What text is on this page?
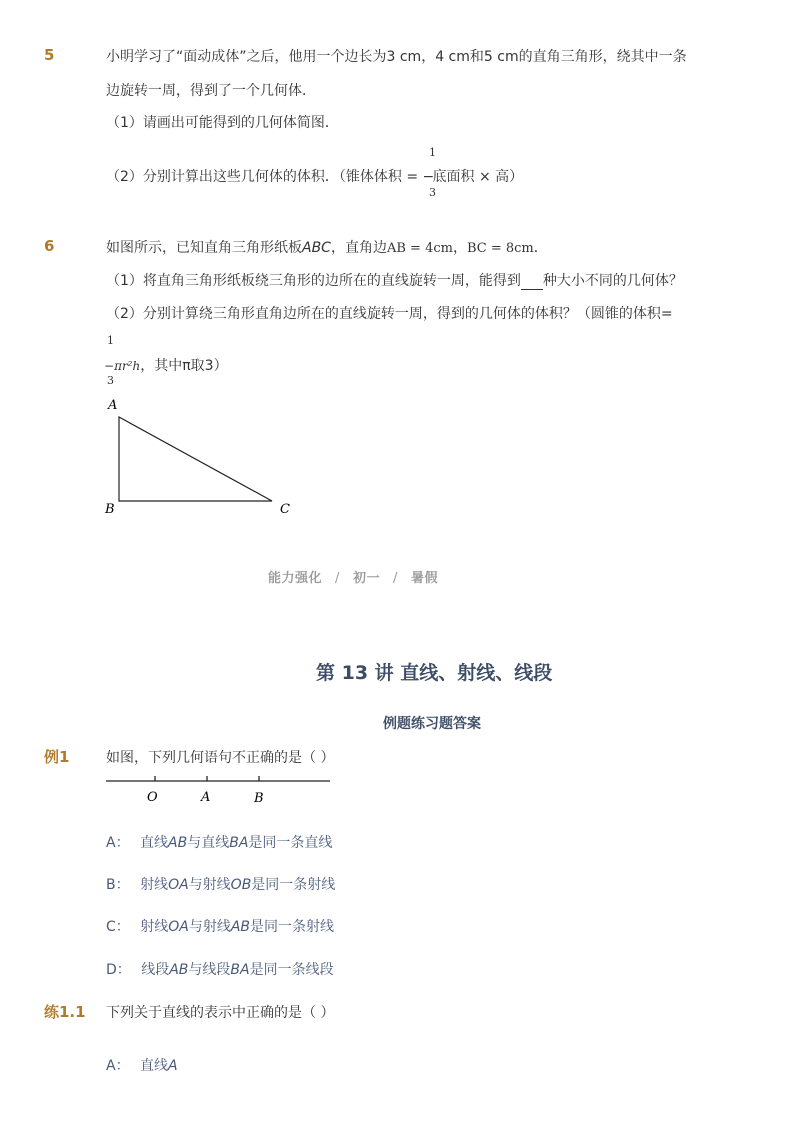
5	小明学习了“面动成体”之后，他用一个边长为3 cm，4 cm和5 cm的直角三角形，绕其中一条
边旋转一周，得到了一个几何体．
（1）请画出可能得到的几何体简图．
（2）分别计算出这些几何体的体积．（锥体体积 = −底面积 × 高）
1
3
6	如图所示，已知直角三角形纸板ABC，直角边AB = 4cm，BC = 8cm．
（1）将直角三角形纸板绕三角形的边所在的直线旋转一周，能得到 种大小不同的几何体？
（2）分别计算绕三角形直角边所在的直线旋转一周，得到的几何体的体积？（圆锥的体积=
1
−πr²h，其中π取3）
3
A
B	C
能力强化 / 初一 / 暑假
第 13 讲 直线、射线、线段
例题练习题答案
例1	如图，下列几何语句不正确的是（ ）
O	A	B
A： 直线AB与直线BA是同一条直线
B： 射线OA与射线OB是同一条射线
C： 射线OA与射线AB是同一条射线
D： 线段AB与线段BA是同一条线段
练1.1 下列关于直线的表示中正确的是（ ）
A： 直线A
